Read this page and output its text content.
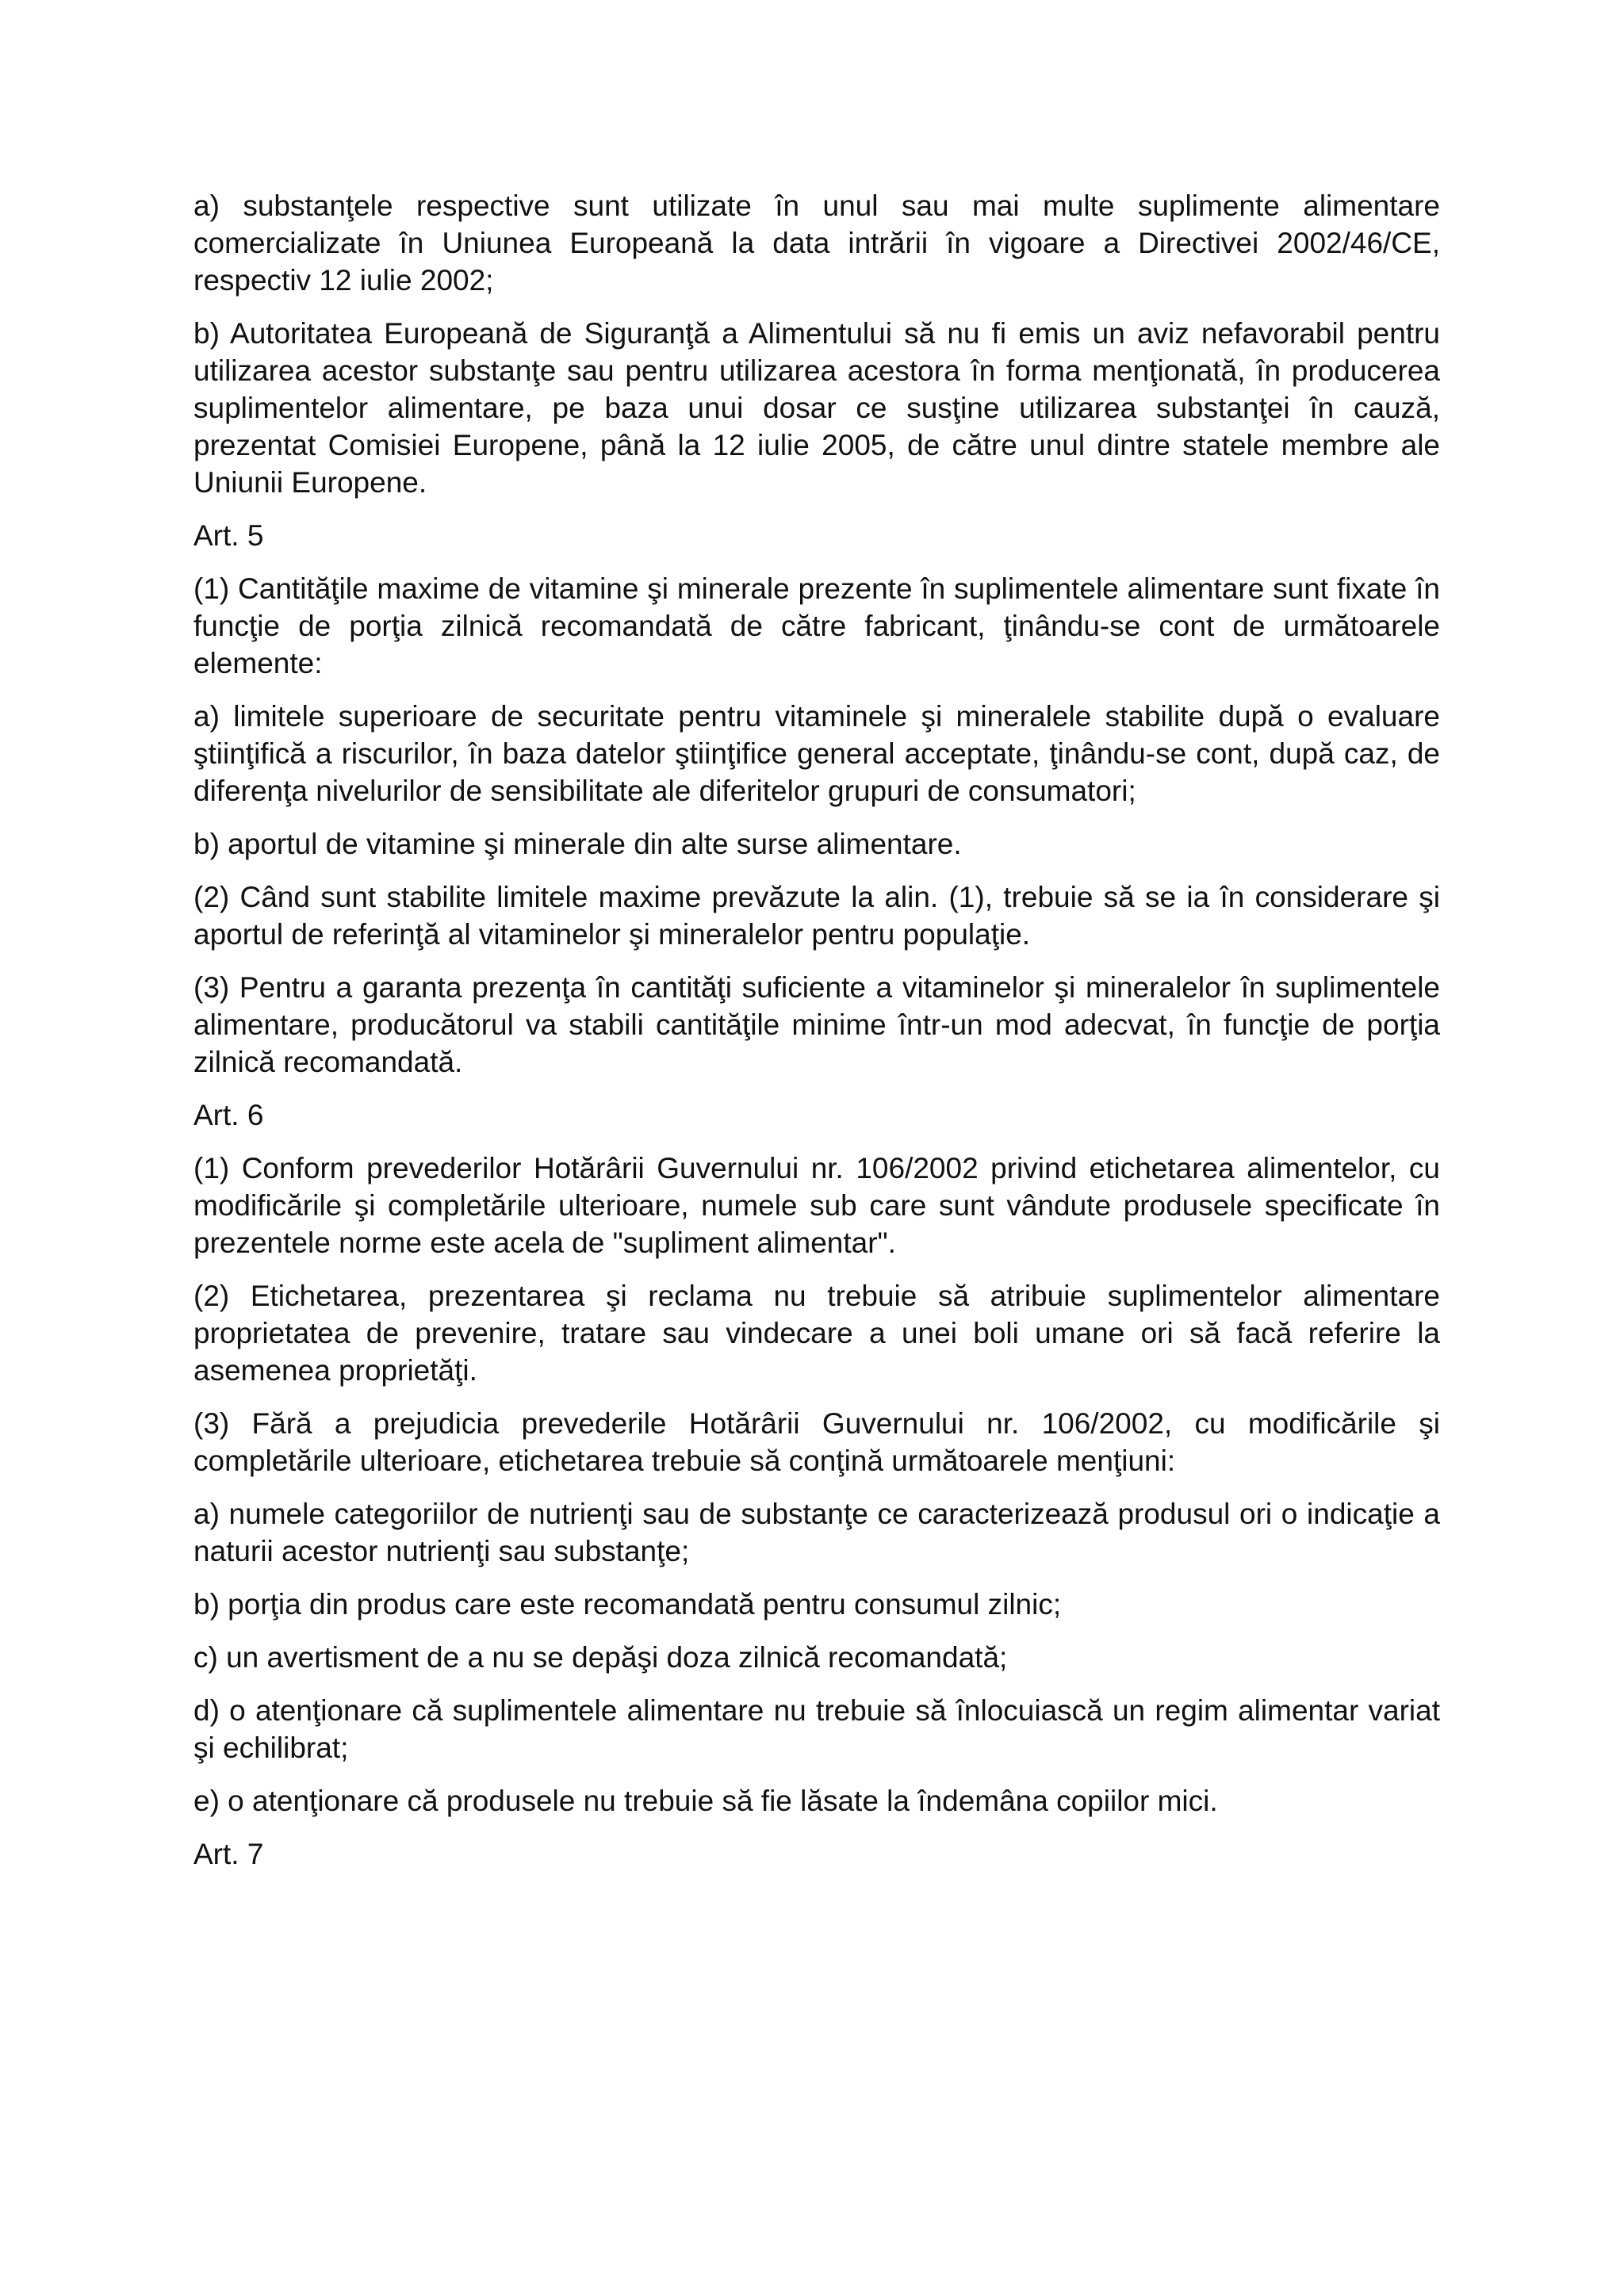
a) substanţele respective sunt utilizate în unul sau mai multe suplimente alimentare comercializate în Uniunea Europeană la data intrării în vigoare a Directivei 2002/46/CE, respectiv 12 iulie 2002;

b) Autoritatea Europeană de Siguranţă a Alimentului să nu fi emis un aviz nefavorabil pentru utilizarea acestor substanţe sau pentru utilizarea acestora în forma menţionată, în producerea suplimentelor alimentare, pe baza unui dosar ce susţine utilizarea substanţei în cauză, prezentat Comisiei Europene, până la 12 iulie 2005, de către unul dintre statele membre ale Uniunii Europene.

Art. 5

(1) Cantităţile maxime de vitamine şi minerale prezente în suplimentele alimentare sunt fixate în funcţie de porţia zilnică recomandată de către fabricant, ţinându-se cont de următoarele elemente:

a) limitele superioare de securitate pentru vitaminele şi mineralele stabilite după o evaluare ştiinţifică a riscurilor, în baza datelor ştiinţifice general acceptate, ţinându-se cont, după caz, de diferenţa nivelurilor de sensibilitate ale diferitelor grupuri de consumatori;

b) aportul de vitamine şi minerale din alte surse alimentare.

(2) Când sunt stabilite limitele maxime prevăzute la alin. (1), trebuie să se ia în considerare şi aportul de referinţă al vitaminelor şi mineralelor pentru populaţie.

(3) Pentru a garanta prezenţa în cantităţi suficiente a vitaminelor şi mineralelor în suplimentele alimentare, producătorul va stabili cantităţile minime într-un mod adecvat, în funcţie de porţia zilnică recomandată.

Art. 6

(1) Conform prevederilor Hotărârii Guvernului nr. 106/2002 privind etichetarea alimentelor, cu modificările şi completările ulterioare, numele sub care sunt vândute produsele specificate în prezentele norme este acela de "supliment alimentar".

(2) Etichetarea, prezentarea şi reclama nu trebuie să atribuie suplimentelor alimentare proprietatea de prevenire, tratare sau vindecare a unei boli umane ori să facă referire la asemenea proprietăţi.

(3) Fără a prejudicia prevederile Hotărârii Guvernului nr. 106/2002, cu modificările şi completările ulterioare, etichetarea trebuie să conţină următoarele menţiuni:

a) numele categoriilor de nutrienţi sau de substanţe ce caracterizează produsul ori o indicaţie a naturii acestor nutrienţi sau substanţe;

b) porţia din produs care este recomandată pentru consumul zilnic;

c) un avertisment de a nu se depăşi doza zilnică recomandată;

d) o atenţionare că suplimentele alimentare nu trebuie să înlocuiască un regim alimentar variat şi echilibrat;

e) o atenţionare că produsele nu trebuie să fie lăsate la îndemâna copiilor mici.

Art. 7
